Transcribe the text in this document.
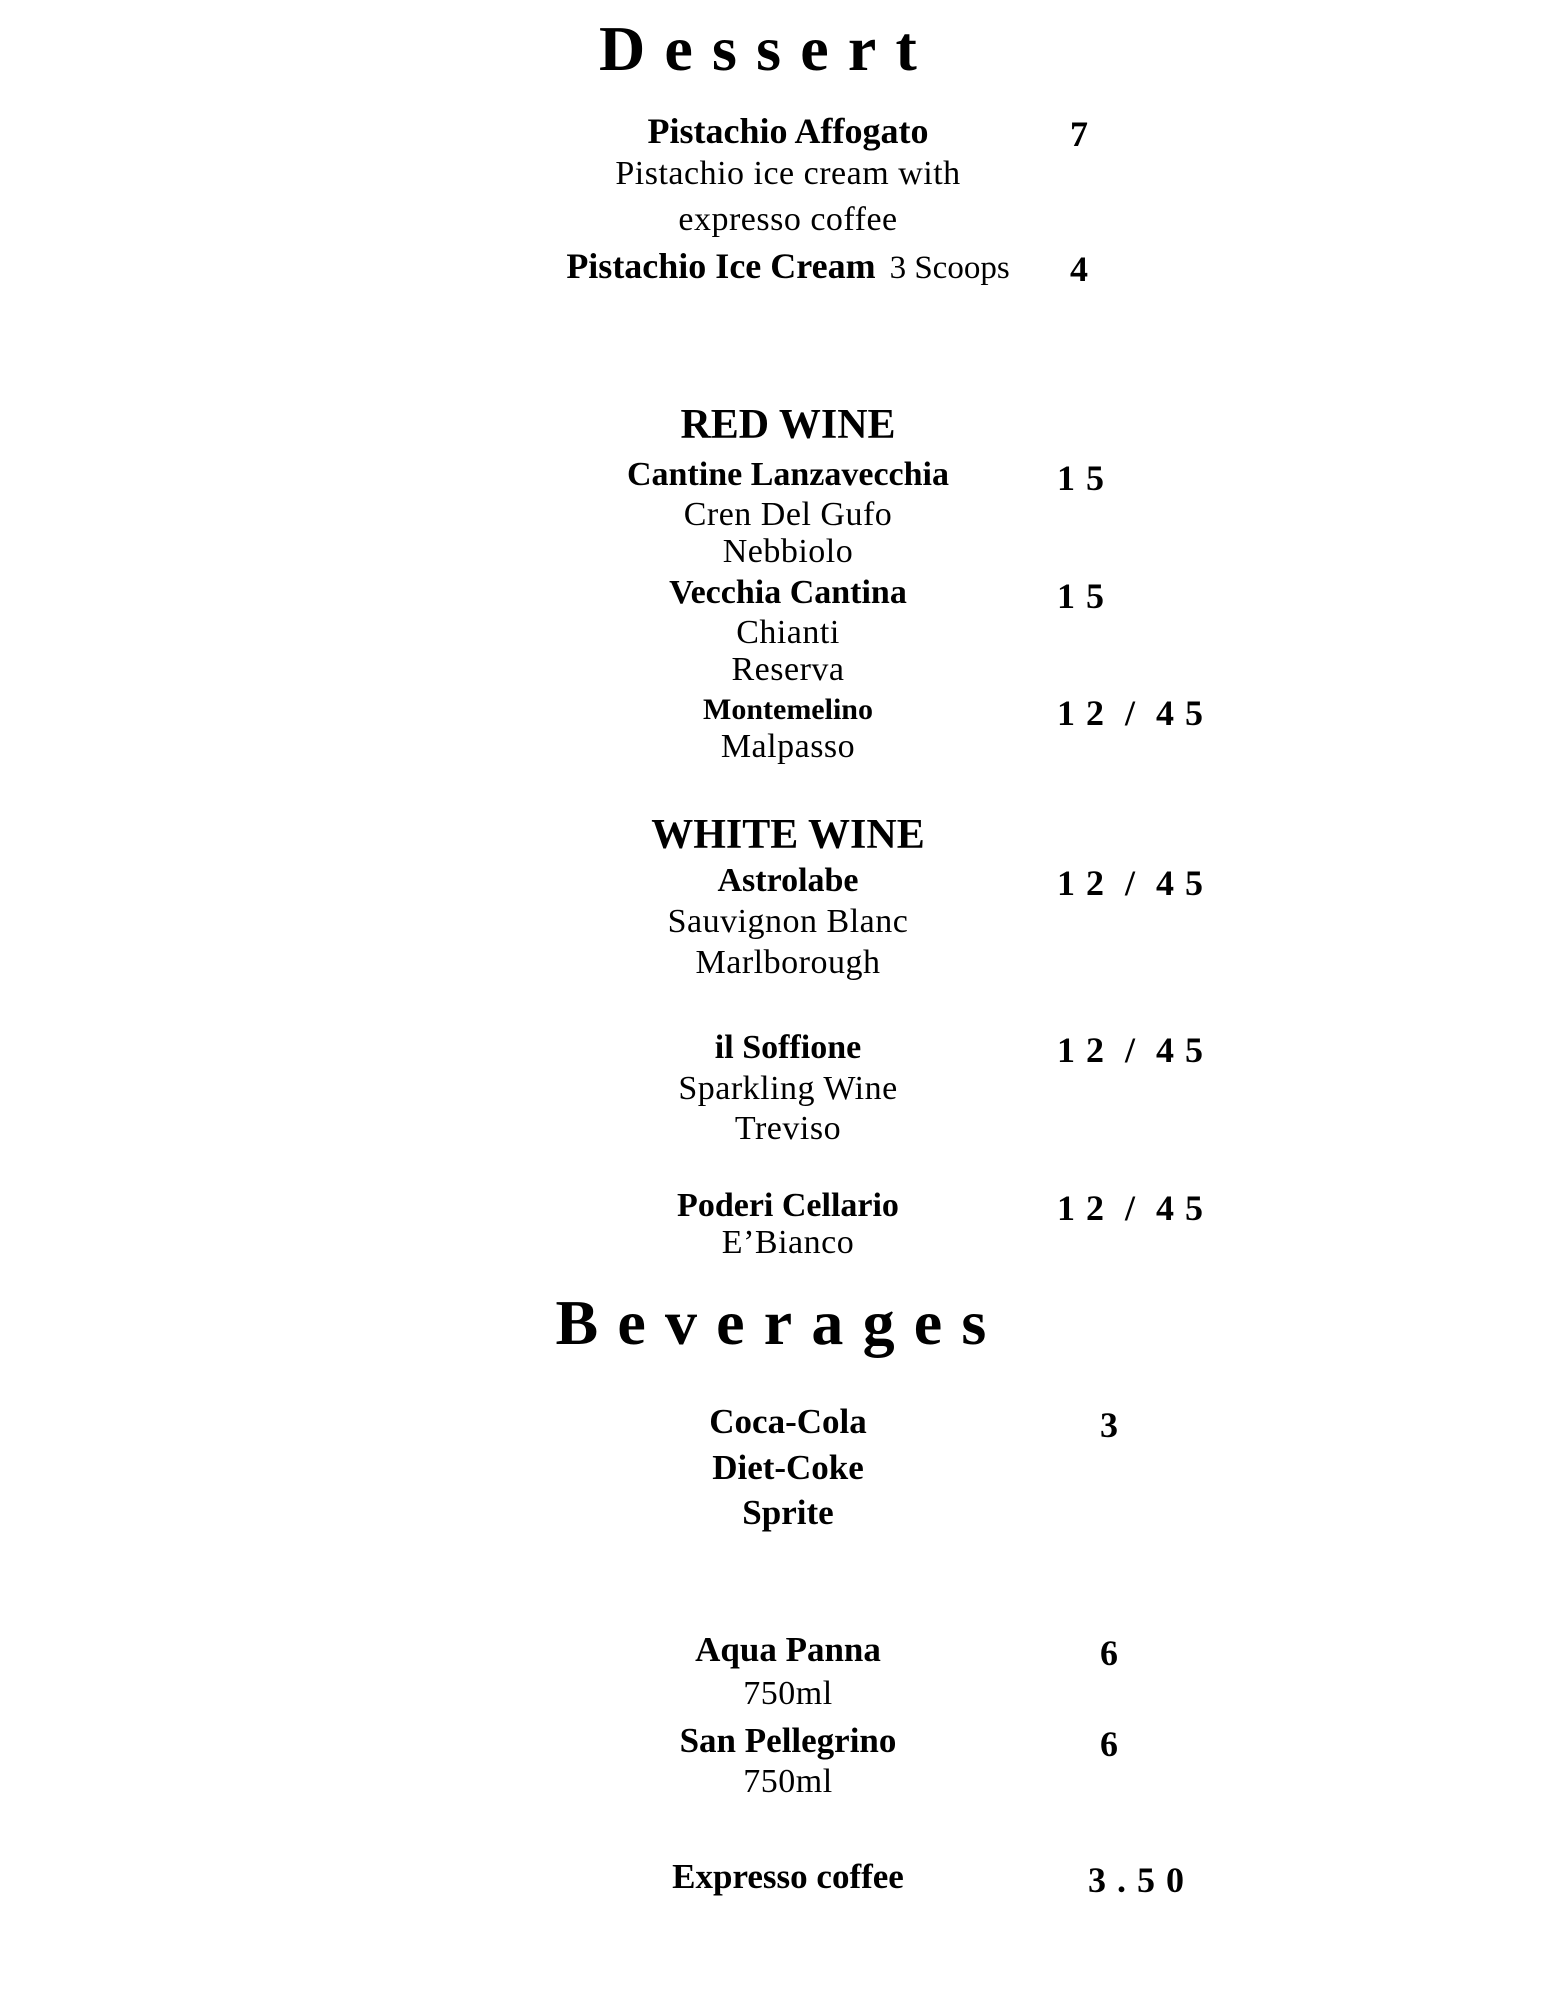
Dessert
Pistachio Affogato	7
Pistachio ice cream with
expresso coffee
Pistachio Ice Cream 3 Scoops 4
RED WINE
Cantine Lanzavecchia	1 5
Cren Del Gufo
Nebbiolo
Vecchia Cantina	1 5
Chianti
Reserva
Montemelino	1 2  /  4 5
Malpasso
WHITE WINE
Astrolabe	1 2  /  4 5
Sauvignon Blanc
Marlborough
il Soffione	1 2  /  4 5
Sparkling Wine
Treviso
Poderi Cellario	1 2  /  4 5
E’Bianco
Beverages
Coca-Cola	3
Diet-Coke
Sprite
Aqua Panna	6
750ml
San Pellegrino	6
750ml
Expresso coffee	3 . 5 0
